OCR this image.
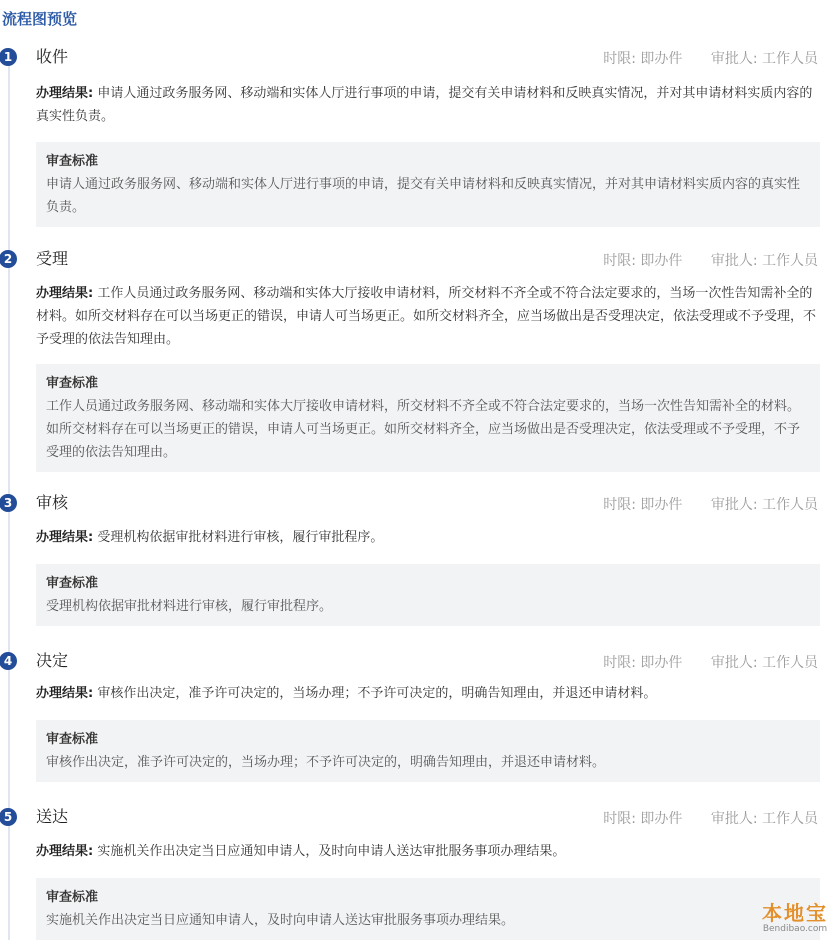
流程图预览
1	收件	时限: 即办件 审批人: 工作人员
办理结果: 申请人通过政务服务网、移动端和实体人厅进行事项的申请，提交有关申请材料和反映真实情况，并对其申请材料实质内容的真实性负责。
审查标准
申请人通过政务服务网、移动端和实体人厅进行事项的申请，提交有关申请材料和反映真实情况，并对其申请材料实质内容的真实性负责。
2	受理	时限: 即办件 审批人: 工作人员
办理结果: 工作人员通过政务服务网、移动端和实体大厅接收申请材料，所交材料不齐全或不符合法定要求的，当场一次性告知需补全的材料。如所交材料存在可以当场更正的错误，申请人可当场更正。如所交材料齐全，应当场做出是否受理决定，依法受理或不予受理，不予受理的依法告知理由。
审查标准
工作人员通过政务服务网、移动端和实体大厅接收申请材料，所交材料不齐全或不符合法定要求的，当场一次性告知需补全的材料。如所交材料存在可以当场更正的错误，申请人可当场更正。如所交材料齐全，应当场做出是否受理决定，依法受理或不予受理，不予受理的依法告知理由。
3	审核	时限: 即办件 审批人: 工作人员
办理结果: 受理机构依据审批材料进行审核，履行审批程序。
审查标准
受理机构依据审批材料进行审核，履行审批程序。
4	决定	时限: 即办件 审批人: 工作人员
办理结果: 审核作出决定，准予许可决定的，当场办理；不予许可决定的，明确告知理由，并退还申请材料。
审查标准
审核作出决定，准予许可决定的，当场办理；不予许可决定的，明确告知理由，并退还申请材料。
5	送达	时限: 即办件 审批人: 工作人员
办理结果: 实施机关作出决定当日应通知申请人，及时向申请人送达审批服务事项办理结果。
审查标准
实施机关作出决定当日应通知申请人，及时向申请人送达审批服务事项办理结果。	本地宝
Bendibao.com
